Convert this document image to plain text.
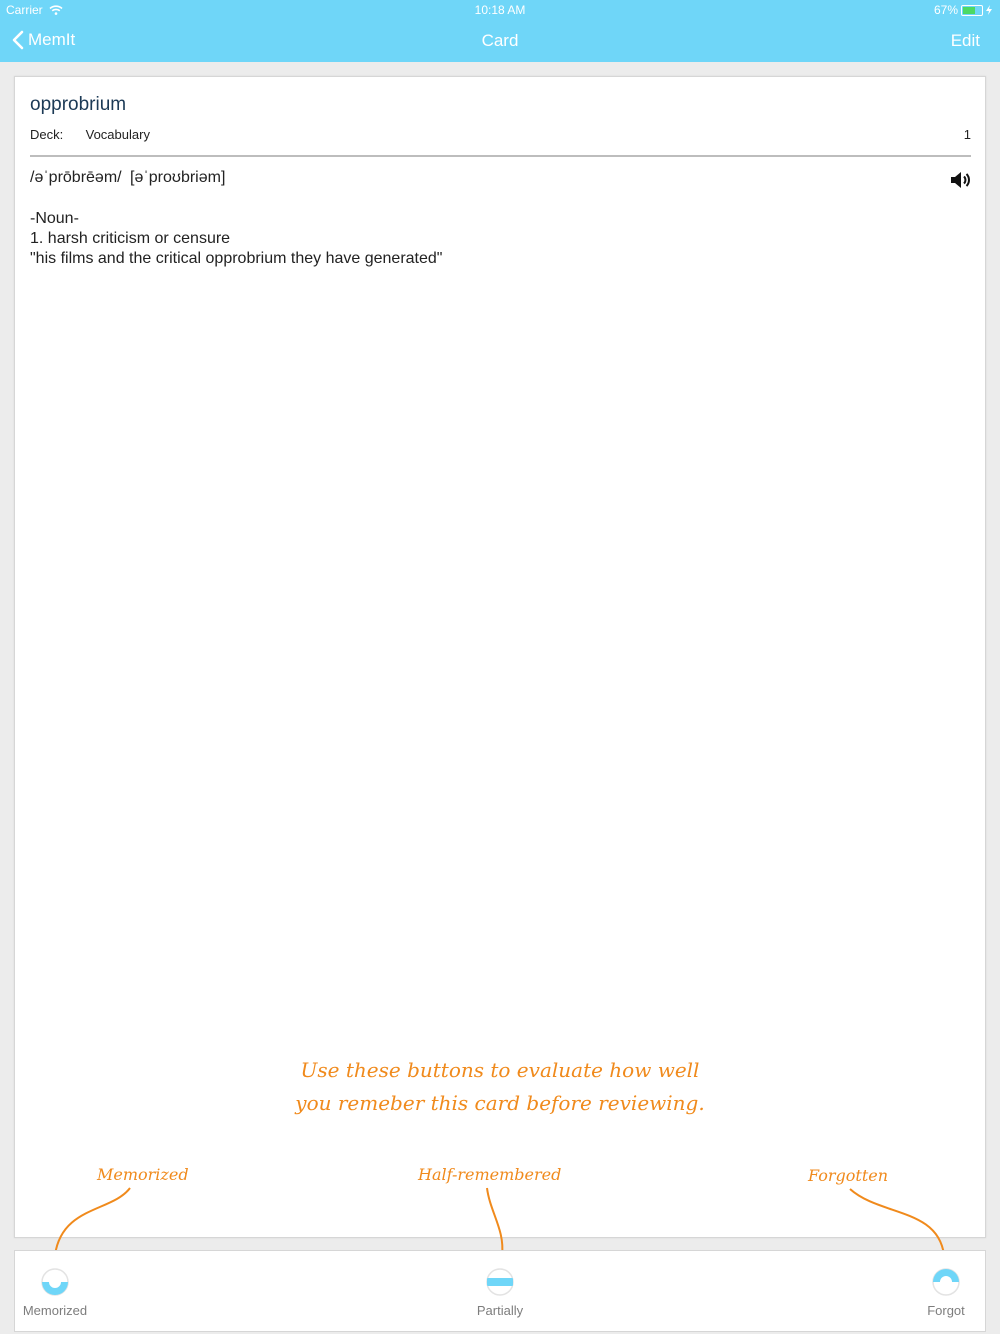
Carrier	10:18 AM	67%
MemIt	Card	Edit
opprobrium
Deck: Vocabulary	1
/əˈprōbrēəm/ [əˈproʊbriəm]
-Noun-
1. harsh criticism or censure
"his films and the critical opprobrium they have generated"
Use these buttons to evaluate how well
you remeber this card before reviewing.
Memorized	Half-remembered	Forgotten
Memorized	Partially	Forgot
